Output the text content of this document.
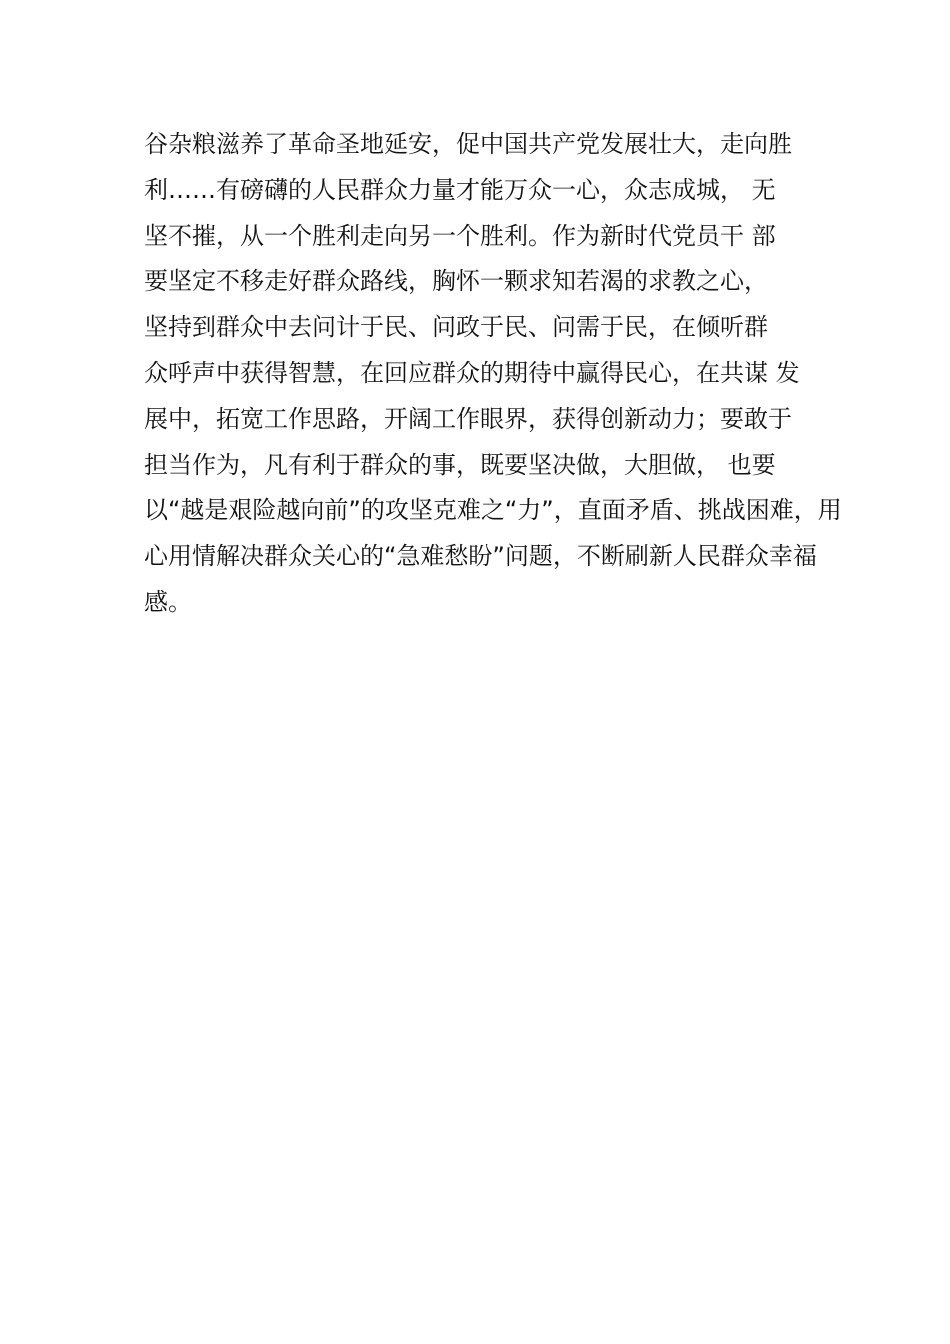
谷杂粮滋养了革命圣地延安，促中国共产党发展壮大，走向胜
利……有磅礴的人民群众力量才能万众一心，众志成城， 无
坚不摧，从一个胜利走向另一个胜利。作为新时代党员干 部
要坚定不移走好群众路线，胸怀一颗求知若渴的求教之心，
坚持到群众中去问计于民、问政于民、问需于民，在倾听群
众呼声中获得智慧，在回应群众的期待中赢得民心，在共谋 发
展中，拓宽工作思路，开阔工作眼界，获得创新动力；要敢于
担当作为，凡有利于群众的事，既要坚决做，大胆做， 也要
以“越是艰险越向前”的攻坚克难之“力”，直面矛盾、挑战困难，用
心用情解决群众关心的“急难愁盼”问题，不断刷新人民群众幸福
感。
